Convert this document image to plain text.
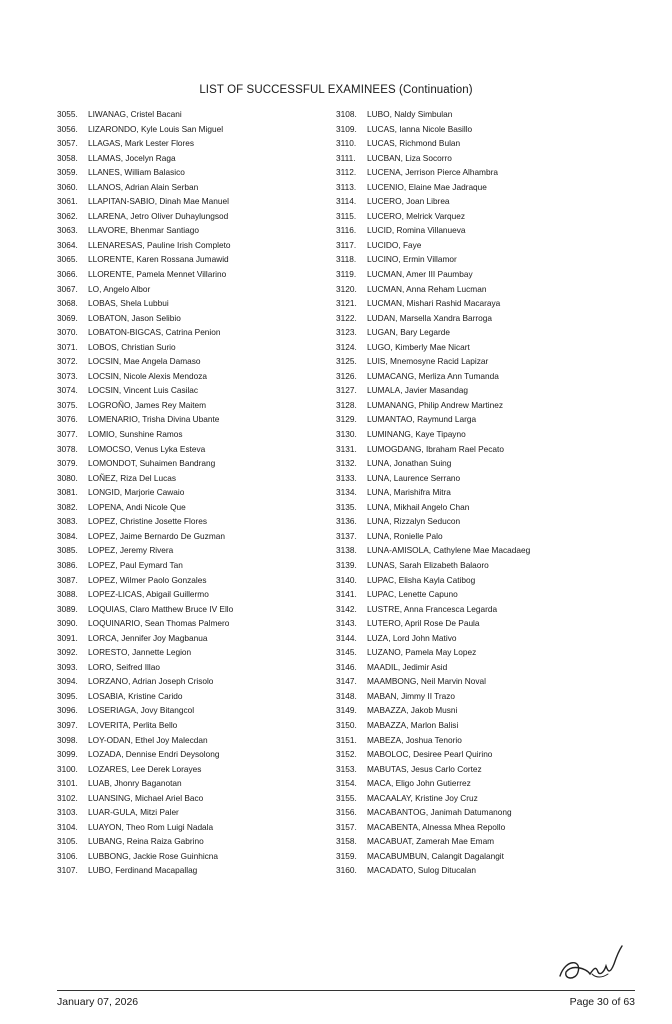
LIST OF SUCCESSFUL EXAMINEES (Continuation)
3055.	LIWANAG, Cristel Bacani
3056.	LIZARONDO, Kyle Louis San Miguel
3057.	LLAGAS, Mark Lester Flores
3058.	LLAMAS, Jocelyn Raga
3059.	LLANES, William Balasico
3060.	LLANOS, Adrian Alain Serban
3061.	LLAPITAN-SABIO, Dinah Mae Manuel
3062.	LLARENA, Jetro Oliver Duhaylungsod
3063.	LLAVORE, Bhenmar Santiago
3064.	LLENARESAS, Pauline Irish Completo
3065.	LLORENTE, Karen Rossana Jumawid
3066.	LLORENTE, Pamela Mennet Villarino
3067.	LO, Angelo Albor
3068.	LOBAS, Shela Lubbui
3069.	LOBATON, Jason Selibio
3070.	LOBATON-BIGCAS, Catrina Penion
3071.	LOBOS, Christian Surio
3072.	LOCSIN, Mae Angela Damaso
3073.	LOCSIN, Nicole Alexis Mendoza
3074.	LOCSIN, Vincent Luis Casilac
3075.	LOGROÑO, James Rey Maitem
3076.	LOMENARIO, Trisha Divina Ubante
3077.	LOMIO, Sunshine Ramos
3078.	LOMOCSO, Venus Lyka Esteva
3079.	LOMONDOT, Suhaimen Bandrang
3080.	LOÑEZ, Riza Del Lucas
3081.	LONGID, Marjorie Cawaio
3082.	LOPENA, Andi Nicole Que
3083.	LOPEZ, Christine Josette Flores
3084.	LOPEZ, Jaime Bernardo De Guzman
3085.	LOPEZ, Jeremy Rivera
3086.	LOPEZ, Paul Eymard Tan
3087.	LOPEZ, Wilmer Paolo Gonzales
3088.	LOPEZ-LICAS, Abigail Guillermo
3089.	LOQUIAS, Claro Matthew Bruce IV Ello
3090.	LOQUINARIO, Sean Thomas Palmero
3091.	LORCA, Jennifer Joy Magbanua
3092.	LORESTO, Jannette Legion
3093.	LORO, Seifred Illao
3094.	LORZANO, Adrian Joseph Crisolo
3095.	LOSABIA, Kristine Carido
3096.	LOSERIAGA, Jovy Bitangcol
3097.	LOVERITA, Perlita Bello
3098.	LOY-ODAN, Ethel Joy Malecdan
3099.	LOZADA, Dennise Endri Deysolong
3100.	LOZARES, Lee Derek Lorayes
3101.	LUAB, Jhonry Baganotan
3102.	LUANSING, Michael Ariel Baco
3103.	LUAR-GULA, Mitzi Paler
3104.	LUAYON, Theo Rom Luigi Nadala
3105.	LUBANG, Reina Raiza Gabrino
3106.	LUBBONG, Jackie Rose Guinhicna
3107.	LUBO, Ferdinand Macapallag
3108.	LUBO, Naldy Simbulan
3109.	LUCAS, Ianna Nicole Basillo
3110.	LUCAS, Richmond Bulan
3111.	LUCBAN, Liza Socorro
3112.	LUCENA, Jerrison Pierce Alhambra
3113.	LUCENIO, Elaine Mae Jadraque
3114.	LUCERO, Joan Librea
3115.	LUCERO, Melrick Varquez
3116.	LUCID, Romina Villanueva
3117.	LUCIDO, Faye
3118.	LUCINO, Ermin Villamor
3119.	LUCMAN, Amer III Paumbay
3120.	LUCMAN, Anna Reham Lucman
3121.	LUCMAN, Mishari Rashid Macaraya
3122.	LUDAN, Marsella Xandra Barroga
3123.	LUGAN, Bary Legarde
3124.	LUGO, Kimberly Mae Nicart
3125.	LUIS, Mnemosyne Racid Lapizar
3126.	LUMACANG, Merliza Ann Tumanda
3127.	LUMALA, Javier Masandag
3128.	LUMANANG, Philip Andrew Martinez
3129.	LUMANTAO, Raymund Larga
3130.	LUMINANG, Kaye Tipayno
3131.	LUMOGDANG, Ibraham Rael Pecato
3132.	LUNA, Jonathan Suing
3133.	LUNA, Laurence Serrano
3134.	LUNA, Marishifra Mitra
3135.	LUNA, Mikhail Angelo Chan
3136.	LUNA, Rizzalyn Seducon
3137.	LUNA, Ronielle Palo
3138.	LUNA-AMISOLA, Cathylene Mae Macadaeg
3139.	LUNAS, Sarah Elizabeth Balaoro
3140.	LUPAC, Elisha Kayla Catibog
3141.	LUPAC, Lenette Capuno
3142.	LUSTRE, Anna Francesca Legarda
3143.	LUTERO, April Rose De Paula
3144.	LUZA, Lord John Mativo
3145.	LUZANO, Pamela May Lopez
3146.	MAADIL, Jedimir Asid
3147.	MAAMBONG, Neil Marvin Noval
3148.	MABAN, Jimmy II Trazo
3149.	MABAZZA, Jakob Musni
3150.	MABAZZA, Marlon Balisi
3151.	MABEZA, Joshua Tenorio
3152.	MABOLOC, Desiree Pearl Quirino
3153.	MABUTAS, Jesus Carlo Cortez
3154.	MACA, Eligo John Gutierrez
3155.	MACAALAY, Kristine Joy Cruz
3156.	MACABANTOG, Janimah Datumanong
3157.	MACABENTA, Alnessa Mhea Repollo
3158.	MACABUAT, Zamerah Mae Emam
3159.	MACABUMBUN, Calangit Dagalangit
3160.	MACADATO, Sulog Ditucalan
January 07, 2026	Page 30 of 63
